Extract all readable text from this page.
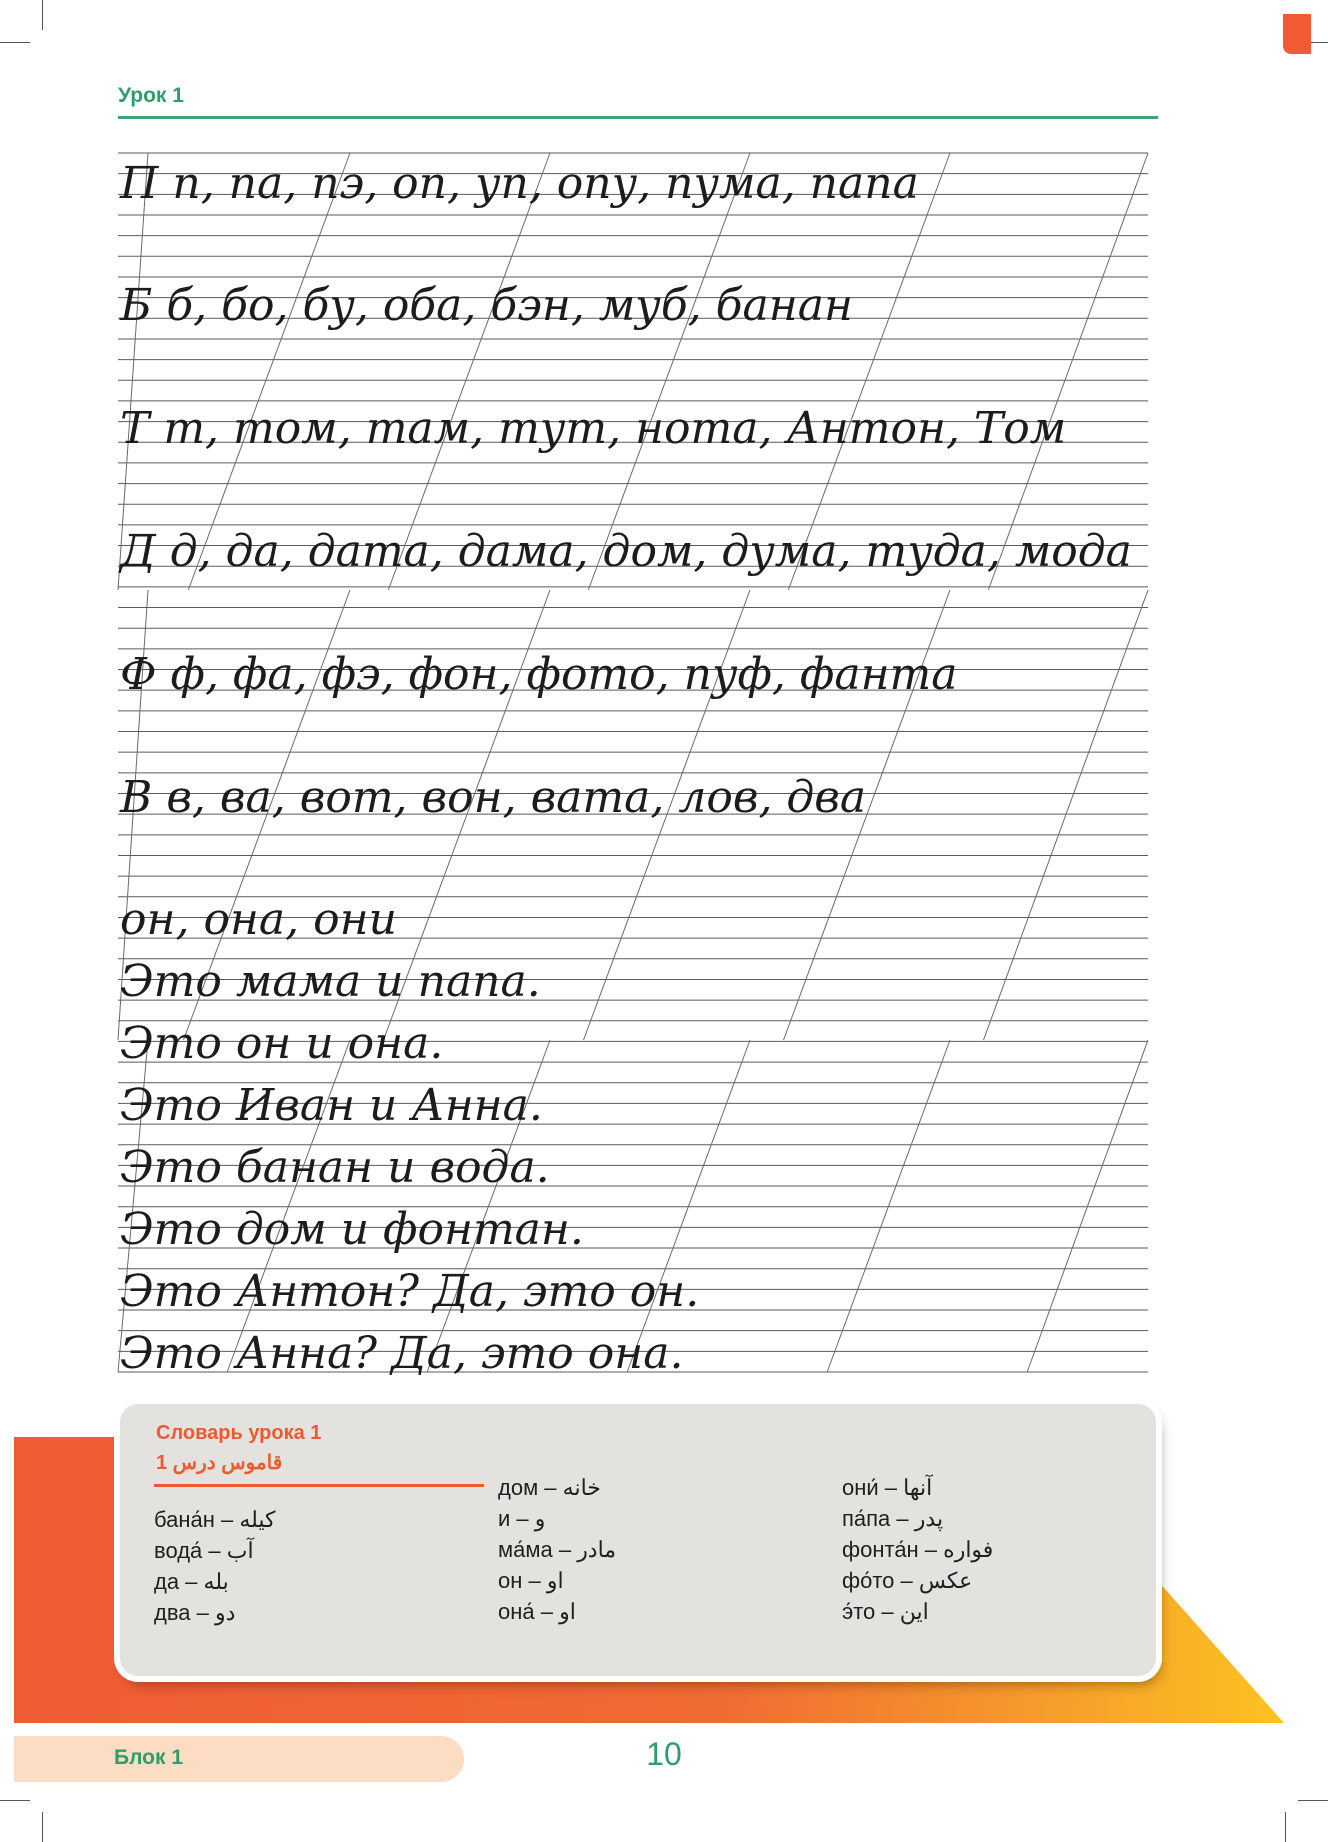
Урок 1
П п, па, пэ, оп, уп, опу, пума, папа
Б б, бо, бу, оба, бэн, муб, банан
Т т, том, там, тут, нота, Антон, Том
Д д, да, дата, дама, дом, дума, туда, мода
Ф ф, фа, фэ, фон, фото, пуф, фанта
В в, ва, вот, вон, вата, лов, два
он, она, они
Это мама и папа.
Это он и она.
Это Иван и Анна.
Это банан и вода.
Это дом и фонтан.
Это Антон? Да, это он.
Это Анна? Да, это она.

Словарь урока 1

قاموس درس 1

бана́н – کیله
вода́ – آب
да – بله
два – دو
дом – خانه
и – و
ма́ма – مادر
он – او
она́ – او
они́ – آنها
па́па – پدر
фонта́н – فواره
фо́то – عکس
э́то – این

Блок 1	10
